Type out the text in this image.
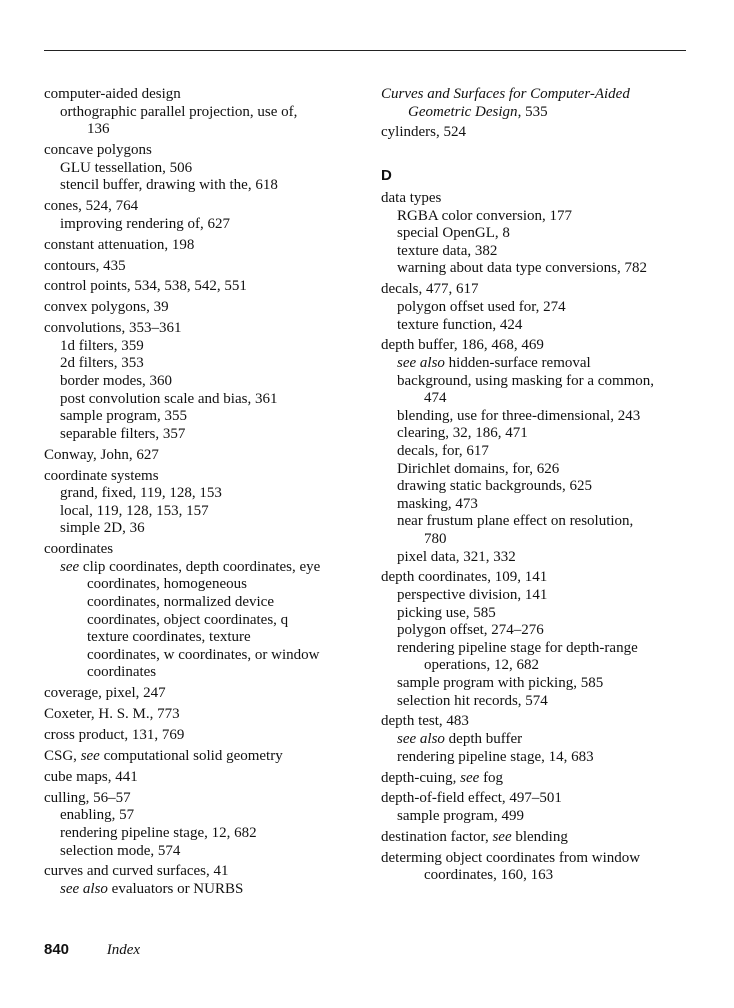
computer-aided design
orthographic parallel projection, use of,
136
concave polygons
GLU tessellation, 506
stencil buffer, drawing with the, 618
cones, 524, 764
improving rendering of, 627
constant attenuation, 198
contours, 435
control points, 534, 538, 542, 551
convex polygons, 39
convolutions, 353–361
1d filters, 359
2d filters, 353
border modes, 360
post convolution scale and bias, 361
sample program, 355
separable filters, 357
Conway, John, 627
coordinate systems
grand, fixed, 119, 128, 153
local, 119, 128, 153, 157
simple 2D, 36
coordinates
see clip coordinates, depth coordinates, eye
coordinates, homogeneous
coordinates, normalized device
coordinates, object coordinates, q
texture coordinates, texture
coordinates, w coordinates, or window
coordinates
coverage, pixel, 247
Coxeter, H. S. M., 773
cross product, 131, 769
CSG, see computational solid geometry
cube maps, 441
culling, 56–57
enabling, 57
rendering pipeline stage, 12, 682
selection mode, 574
curves and curved surfaces, 41
see also evaluators or NURBS
Curves and Surfaces for Computer-Aided
Geometric Design, 535
cylinders, 524
D
data types
RGBA color conversion, 177
special OpenGL, 8
texture data, 382
warning about data type conversions, 782
decals, 477, 617
polygon offset used for, 274
texture function, 424
depth buffer, 186, 468, 469
see also hidden-surface removal
background, using masking for a common,
474
blending, use for three-dimensional, 243
clearing, 32, 186, 471
decals, for, 617
Dirichlet domains, for, 626
drawing static backgrounds, 625
masking, 473
near frustum plane effect on resolution,
780
pixel data, 321, 332
depth coordinates, 109, 141
perspective division, 141
picking use, 585
polygon offset, 274–276
rendering pipeline stage for depth-range
operations, 12, 682
sample program with picking, 585
selection hit records, 574
depth test, 483
see also depth buffer
rendering pipeline stage, 14, 683
depth-cuing, see fog
depth-of-field effect, 497–501
sample program, 499
destination factor, see blending
determing object coordinates from window
coordinates, 160, 163
840	Index
